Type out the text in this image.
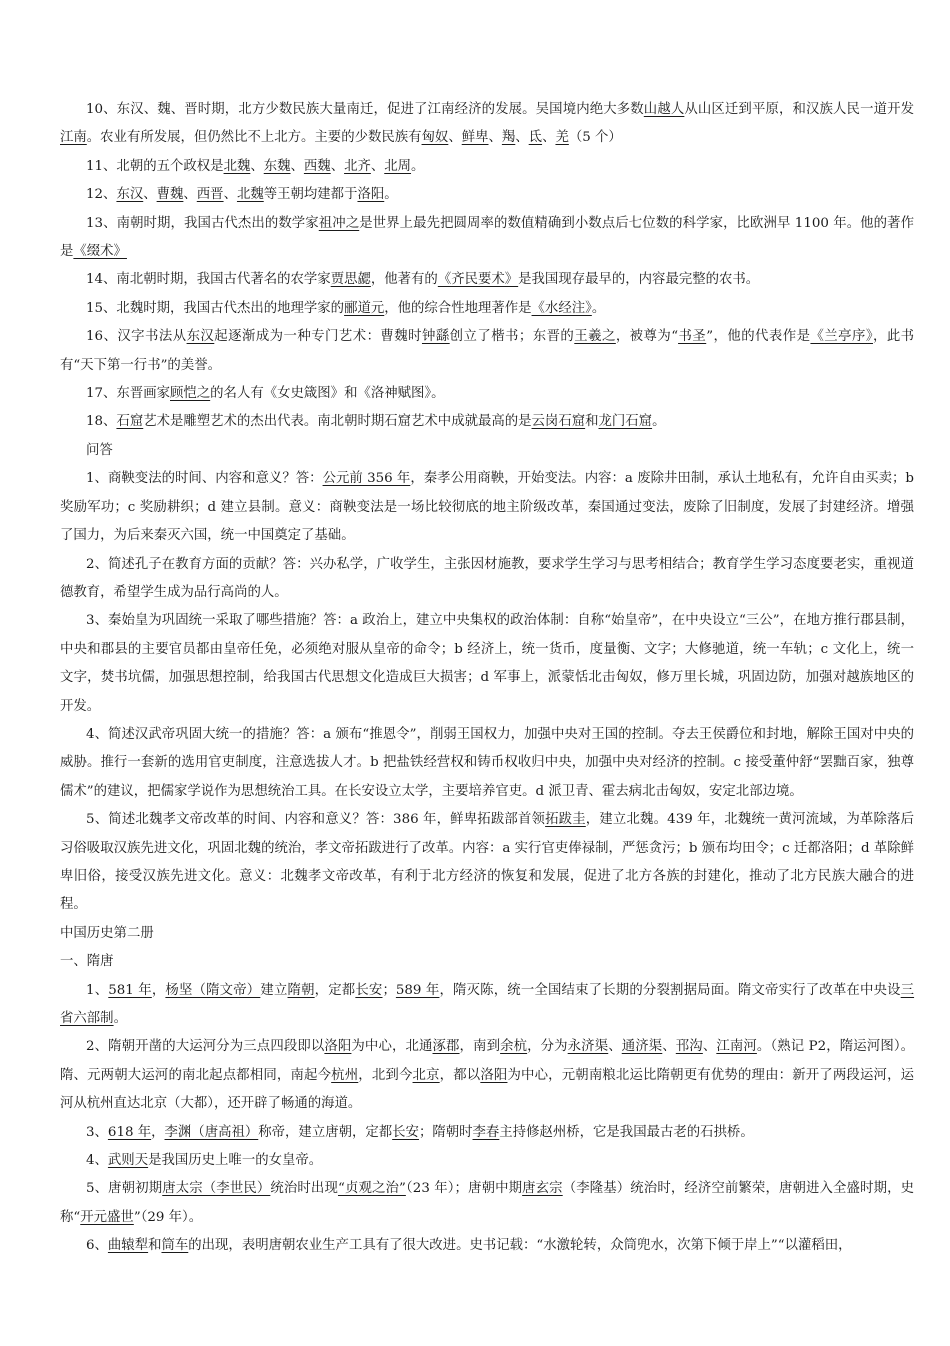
10、东汉、魏、晋时期，北方少数民族大量南迁，促进了江南经济的发展。吴国境内绝大多数山越人从山区迁到平原，和汉族人民一道开发江南。农业有所发展，但仍然比不上北方。主要的少数民族有匈奴、鲜卑、羯、氐、羌（5 个）

11、北朝的五个政权是北魏、东魏、西魏、北齐、北周。

12、东汉、曹魏、西晋、北魏等王朝均建都于洛阳。

13、南朝时期，我国古代杰出的数学家祖冲之是世界上最先把圆周率的数值精确到小数点后七位数的科学家，比欧洲早 1100 年。他的著作是《缀术》

14、南北朝时期，我国古代著名的农学家贾思勰，他著有的《齐民要术》是我国现存最早的，内容最完整的农书。

15、北魏时期，我国古代杰出的地理学家的郦道元，他的综合性地理著作是《水经注》。

16、汉字书法从东汉起逐渐成为一种专门艺术：曹魏时钟繇创立了楷书；东晋的王羲之，被尊为“书圣”，他的代表作是《兰亭序》，此书有“天下第一行书”的美誉。

17、东晋画家顾恺之的名人有《女史箴图》和《洛神赋图》。

18、石窟艺术是雕塑艺术的杰出代表。南北朝时期石窟艺术中成就最高的是云岗石窟和龙门石窟。

问答

1、商鞅变法的时间、内容和意义？答：公元前 356 年，秦孝公用商鞅，开始变法。内容：a 废除井田制，承认土地私有，允许自由买卖；b 奖励军功；c 奖励耕织；d 建立县制。意义：商鞅变法是一场比较彻底的地主阶级改革，秦国通过变法，废除了旧制度，发展了封建经济。增强了国力，为后来秦灭六国，统一中国奠定了基础。

2、简述孔子在教育方面的贡献？答：兴办私学，广收学生，主张因材施教，要求学生学习与思考相结合；教育学生学习态度要老实，重视道德教育，希望学生成为品行高尚的人。

3、秦始皇为巩固统一采取了哪些措施？答：a 政治上，建立中央集权的政治体制：自称“始皇帝”，在中央设立“三公”，在地方推行郡县制，中央和郡县的主要官员都由皇帝任免，必须绝对服从皇帝的命令；b 经济上，统一货币，度量衡、文字；大修驰道，统一车轨；c 文化上，统一文字，焚书坑儒，加强思想控制，给我国古代思想文化造成巨大损害；d 军事上，派蒙恬北击匈奴，修万里长城，巩固边防，加强对越族地区的开发。

4、简述汉武帝巩固大统一的措施？答：a 颁布“推恩令”，削弱王国权力，加强中央对王国的控制。夺去王侯爵位和封地，解除王国对中央的威胁。推行一套新的选用官吏制度，注意选拔人才。b 把盐铁经营权和铸币权收归中央，加强中央对经济的控制。c 接受董仲舒“罢黜百家，独尊儒术”的建议，把儒家学说作为思想统治工具。在长安设立太学，主要培养官吏。d 派卫青、霍去病北击匈奴，安定北部边境。

5、简述北魏孝文帝改革的时间、内容和意义？答：386 年，鲜卑拓跋部首领拓跋圭，建立北魏。439 年，北魏统一黄河流域，为革除落后习俗吸取汉族先进文化，巩固北魏的统治，孝文帝拓跋进行了改革。内容：a 实行官吏俸禄制，严惩贪污；b 颁布均田令；c 迁都洛阳；d 革除鲜卑旧俗，接受汉族先进文化。意义：北魏孝文帝改革，有利于北方经济的恢复和发展，促进了北方各族的封建化，推动了北方民族大融合的进程。

中国历史第二册

一、隋唐

1、581 年，杨坚（隋文帝）建立隋朝，定都长安；589 年，隋灭陈，统一全国结束了长期的分裂割据局面。隋文帝实行了改革在中央设三省六部制。

2、隋朝开凿的大运河分为三点四段即以洛阳为中心，北通涿郡，南到余杭，分为永济渠、通济渠、邗沟、江南河。（熟记 P2，隋运河图）。隋、元两朝大运河的南北起点都相同，南起今杭州，北到今北京，都以洛阳为中心，元朝南粮北运比隋朝更有优势的理由：新开了两段运河，运河从杭州直达北京（大都），还开辟了畅通的海道。

3、618 年，李渊（唐高祖）称帝，建立唐朝，定都长安；隋朝时李春主持修赵州桥，它是我国最古老的石拱桥。

4、武则天是我国历史上唯一的女皇帝。

5、唐朝初期唐太宗（李世民）统治时出现“贞观之治”（23 年）；唐朝中期唐玄宗（李隆基）统治时，经济空前繁荣，唐朝进入全盛时期，史称“开元盛世”（29 年）。

6、曲辕犁和筒车的出现，表明唐朝农业生产工具有了很大改进。史书记载：“水激轮转，众筒兜水，次第下倾于岸上”“以灌稻田，
